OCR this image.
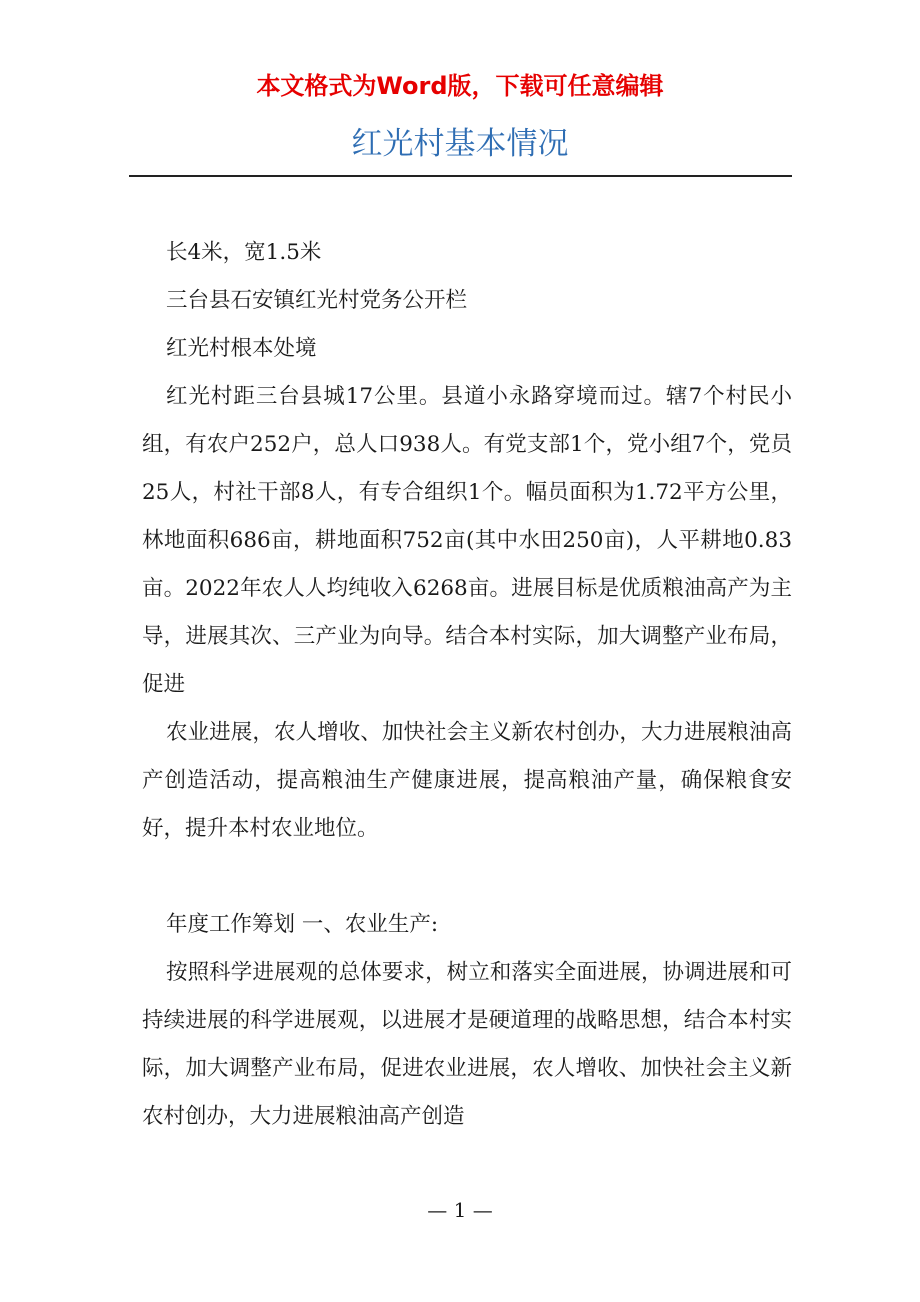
本文格式为Word版，下载可任意编辑
红光村基本情况

长4米，宽1.5米

三台县石安镇红光村党务公开栏

红光村根本处境

红光村距三台县城17公里。县道小永路穿境而过。辖7个村民小组，有农户252户，总人口938人。有党支部1个，党小组7个，党员25人，村社干部8人，有专合组织1个。幅员面积为1.72平方公里，林地面积686亩，耕地面积752亩(其中水田250亩)，人平耕地0.83亩。2022年农人人均纯收入6268亩。进展目标是优质粮油高产为主导，进展其次、三产业为向导。结合本村实际，加大调整产业布局，促进

农业进展，农人增收、加快社会主义新农村创办，大力进展粮油高产创造活动，提高粮油生产健康进展，提高粮油产量，确保粮食安好，提升本村农业地位。

年度工作筹划 一、农业生产:

按照科学进展观的总体要求，树立和落实全面进展，协调进展和可持续进展的科学进展观，以进展才是硬道理的战略思想，结合本村实际，加大调整产业布局，促进农业进展，农人增收、加快社会主义新农村创办，大力进展粮油高产创造

— 1 —
